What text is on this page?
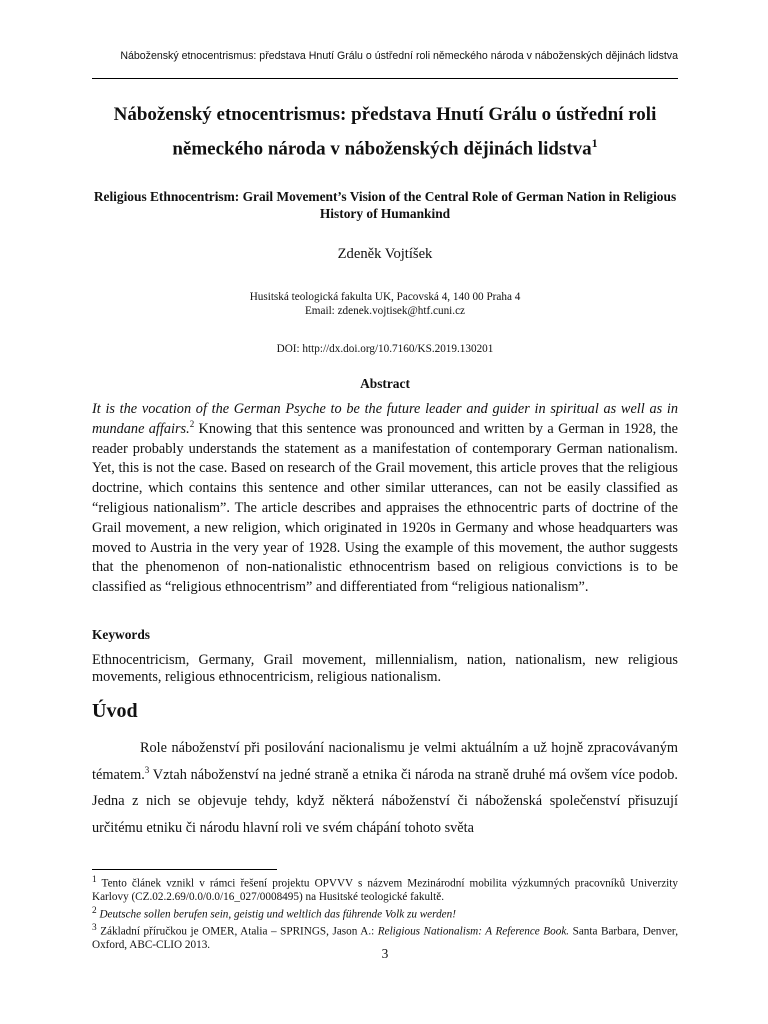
Náboženský etnocentrismus: představa Hnutí Grálu o ústřední roli německého národa v náboženských dějinách lidstva
Náboženský etnocentrismus: představa Hnutí Grálu o ústřední roli německého národa v náboženských dějinách lidstva$^1$
Religious Ethnocentrism: Grail Movement’s Vision of the Central Role of German Nation in Religious History of Humankind
Zdeněk Vojtíšek
Husitská teologická fakulta UK, Pacovská 4, 140 00 Praha 4
Email: zdenek.vojtisek@htf.cuni.cz
DOI: http://dx.doi.org/10.7160/KS.2019.130201
Abstract
It is the vocation of the German Psyche to be the future leader and guider in spiritual as well as in mundane affairs.$^2$ Knowing that this sentence was pronounced and written by a German in 1928, the reader probably understands the statement as a manifestation of contemporary German nationalism. Yet, this is not the case. Based on research of the Grail movement, this article proves that the religious doctrine, which contains this sentence and other similar utterances, can not be easily classified as “religious nationalism”. The article describes and appraises the ethnocentric parts of doctrine of the Grail movement, a new religion, which originated in 1920s in Germany and whose headquarters was moved to Austria in the very year of 1928. Using the example of this movement, the author suggests that the phenomenon of non-nationalistic ethnocentrism based on religious convictions is to be classified as “religious ethnocentrism” and differentiated from “religious nationalism”.
Keywords
Ethnocentricism, Germany, Grail movement, millennialism, nation, nationalism, new religious movements, religious ethnocentricism, religious nationalism.
Úvod
Role náboženství při posilování nacionalismu je velmi aktuálním a už hojně zpracovávaným tématem.$^3$ Vztah náboženství na jedné straně a etnika či národa na straně druhé má ovšem více podob. Jedna z nich se objevuje tehdy, když některá náboženství či náboženská společenství přisuzují určitému etniku či národu hlavní roli ve svém chápání tohoto světa

$^1$ Tento článek vznikl v rámci řešení projektu OPVVV s názvem Mezinárodní mobilita výzkumných pracovníků Univerzity Karlovy (CZ.02.2.69/0.0/0.0/16_027/0008495) na Husitské teologické fakultě.

$^2$ Deutsche sollen berufen sein, geistig und weltlich das führende Volk zu werden!

$^3$ Základní příručkou je OMER, Atalia – SPRINGS, Jason A.: Religious Nationalism: A Reference Book. Santa Barbara, Denver, Oxford, ABC-CLIO 2013.

3
